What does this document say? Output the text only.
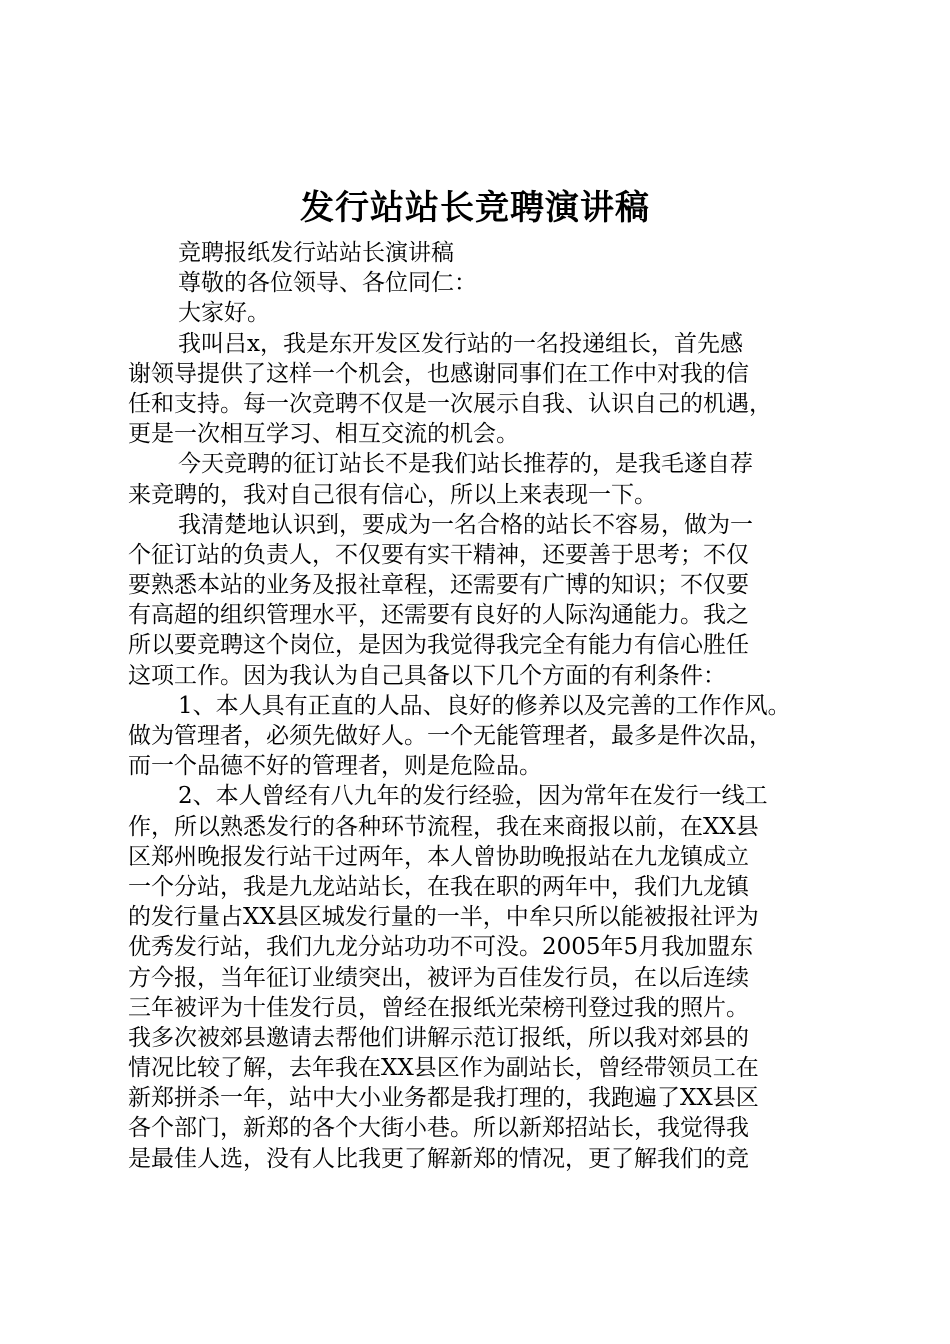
发行站站长竞聘演讲稿
竞聘报纸发行站站长演讲稿
尊敬的各位领导、各位同仁：
大家好。
我叫吕x，我是东开发区发行站的一名投递组长，首先感
谢领导提供了这样一个机会，也感谢同事们在工作中对我的信
任和支持。每一次竞聘不仅是一次展示自我、认识自己的机遇，
更是一次相互学习、相互交流的机会。
今天竞聘的征订站长不是我们站长推荐的，是我毛遂自荐
来竞聘的，我对自己很有信心，所以上来表现一下。
我清楚地认识到，要成为一名合格的站长不容易，做为一
个征订站的负责人，不仅要有实干精神，还要善于思考；不仅
要熟悉本站的业务及报社章程，还需要有广博的知识；不仅要
有高超的组织管理水平，还需要有良好的人际沟通能力。我之
所以要竞聘这个岗位，是因为我觉得我完全有能力有信心胜任
这项工作。因为我认为自己具备以下几个方面的有利条件：
1、本人具有正直的人品、良好的修养以及完善的工作作风。
做为管理者，必须先做好人。一个无能管理者，最多是件次品，
而一个品德不好的管理者，则是危险品。
2、本人曾经有八九年的发行经验，因为常年在发行一线工
作，所以熟悉发行的各种环节流程，我在来商报以前，在XX县
区郑州晚报发行站干过两年，本人曾协助晚报站在九龙镇成立
一个分站，我是九龙站站长，在我在职的两年中，我们九龙镇
的发行量占XX县区城发行量的一半，中牟只所以能被报社评为
优秀发行站，我们九龙分站功功不可没。2005年5月我加盟东
方今报，当年征订业绩突出，被评为百佳发行员，在以后连续
三年被评为十佳发行员，曾经在报纸光荣榜刊登过我的照片。
我多次被郊县邀请去帮他们讲解示范订报纸，所以我对郊县的
情况比较了解，去年我在XX县区作为副站长，曾经带领员工在
新郑拼杀一年，站中大小业务都是我打理的，我跑遍了XX县区
各个部门，新郑的各个大街小巷。所以新郑招站长，我觉得我
是最佳人选，没有人比我更了解新郑的情况，更了解我们的竞
